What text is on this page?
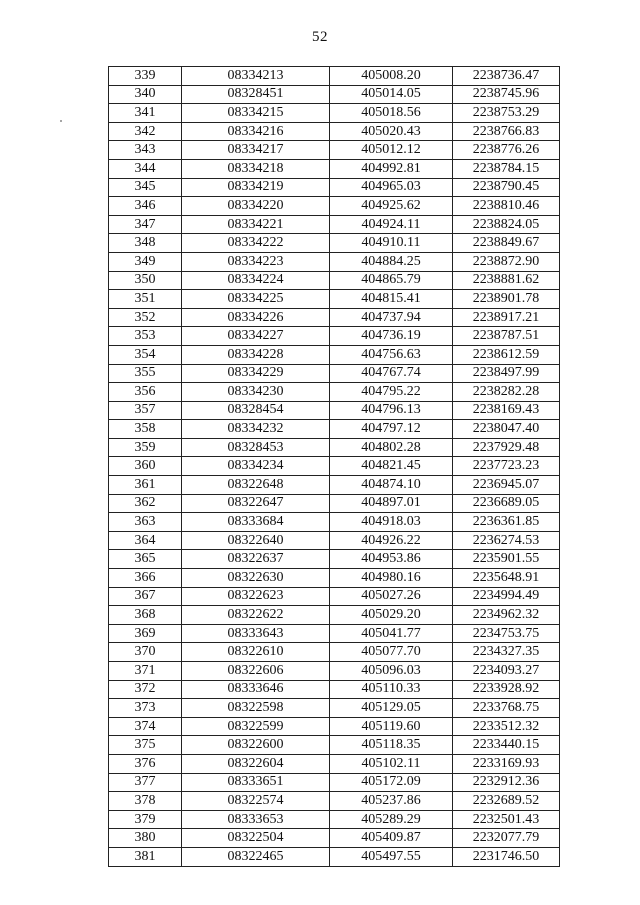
52
339	08334213	405008.20	2238736.47
340	08328451	405014.05	2238745.96
341	08334215	405018.56	2238753.29
342	08334216	405020.43	2238766.83
343	08334217	405012.12	2238776.26
344	08334218	404992.81	2238784.15
345	08334219	404965.03	2238790.45
346	08334220	404925.62	2238810.46
347	08334221	404924.11	2238824.05
348	08334222	404910.11	2238849.67
349	08334223	404884.25	2238872.90
350	08334224	404865.79	2238881.62
351	08334225	404815.41	2238901.78
352	08334226	404737.94	2238917.21
353	08334227	404736.19	2238787.51
354	08334228	404756.63	2238612.59
355	08334229	404767.74	2238497.99
356	08334230	404795.22	2238282.28
357	08328454	404796.13	2238169.43
358	08334232	404797.12	2238047.40
359	08328453	404802.28	2237929.48
360	08334234	404821.45	2237723.23
361	08322648	404874.10	2236945.07
362	08322647	404897.01	2236689.05
363	08333684	404918.03	2236361.85
364	08322640	404926.22	2236274.53
365	08322637	404953.86	2235901.55
366	08322630	404980.16	2235648.91
367	08322623	405027.26	2234994.49
368	08322622	405029.20	2234962.32
369	08333643	405041.77	2234753.75
370	08322610	405077.70	2234327.35
371	08322606	405096.03	2234093.27
372	08333646	405110.33	2233928.92
373	08322598	405129.05	2233768.75
374	08322599	405119.60	2233512.32
375	08322600	405118.35	2233440.15
376	08322604	405102.11	2233169.93
377	08333651	405172.09	2232912.36
378	08322574	405237.86	2232689.52
379	08333653	405289.29	2232501.43
380	08322504	405409.87	2232077.79
381	08322465	405497.55	2231746.50
